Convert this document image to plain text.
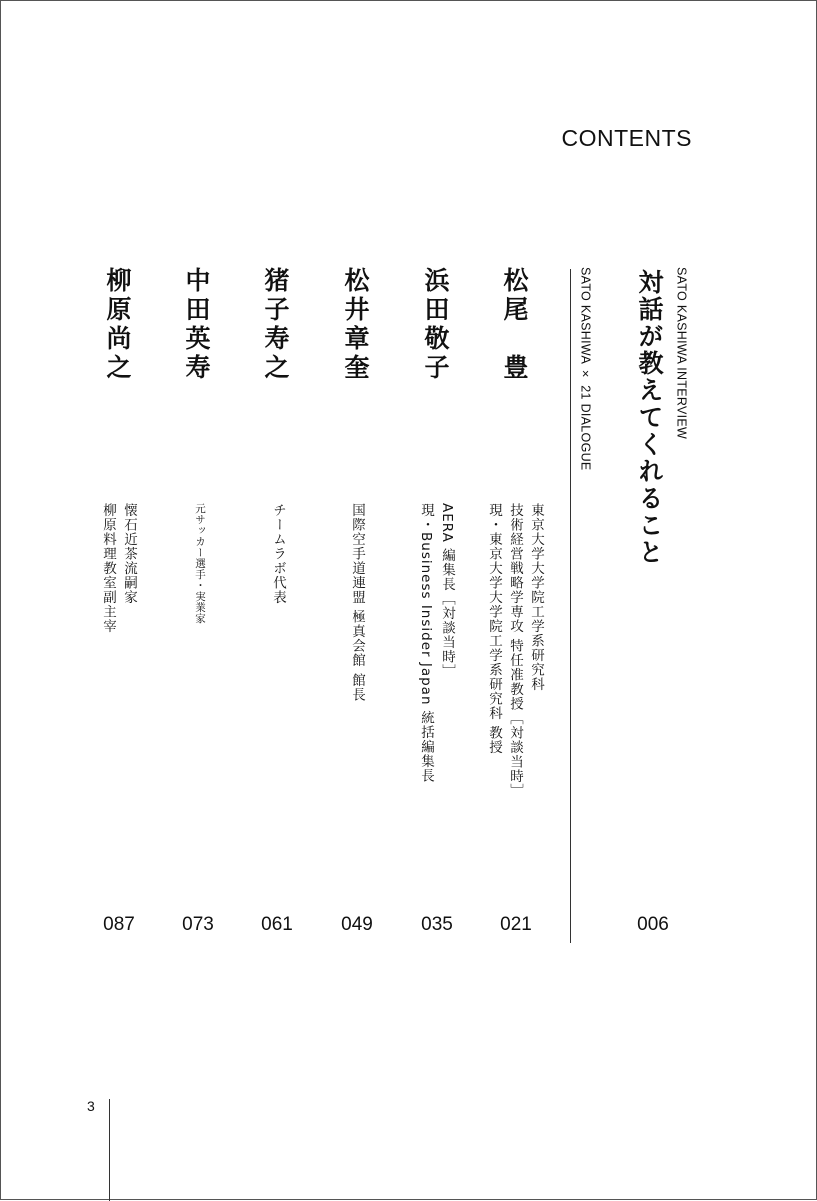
CONTENTS
SATO KASHIWA INTERVIEW
対話が教えてくれること
006
SATO KASHIWA × 21 DIALOGUE
松尾　豊
東京大学大学院工学系研究科
技術経営戦略学専攻 特任准教授［対談当時］
現・東京大学大学院工学系研究科 教授
021
浜田敬子
AERA 編集長［対談当時］
現・Business Insider Japan 統括編集長
035
松井章奎
国際空手道連盟 極真会館 館長
049
猪子寿之
チームラボ代表
061
中田英寿
元サッカー選手・実業家
073
柳原尚之
懐石近茶流嗣家
柳原料理教室副主宰
087
3
